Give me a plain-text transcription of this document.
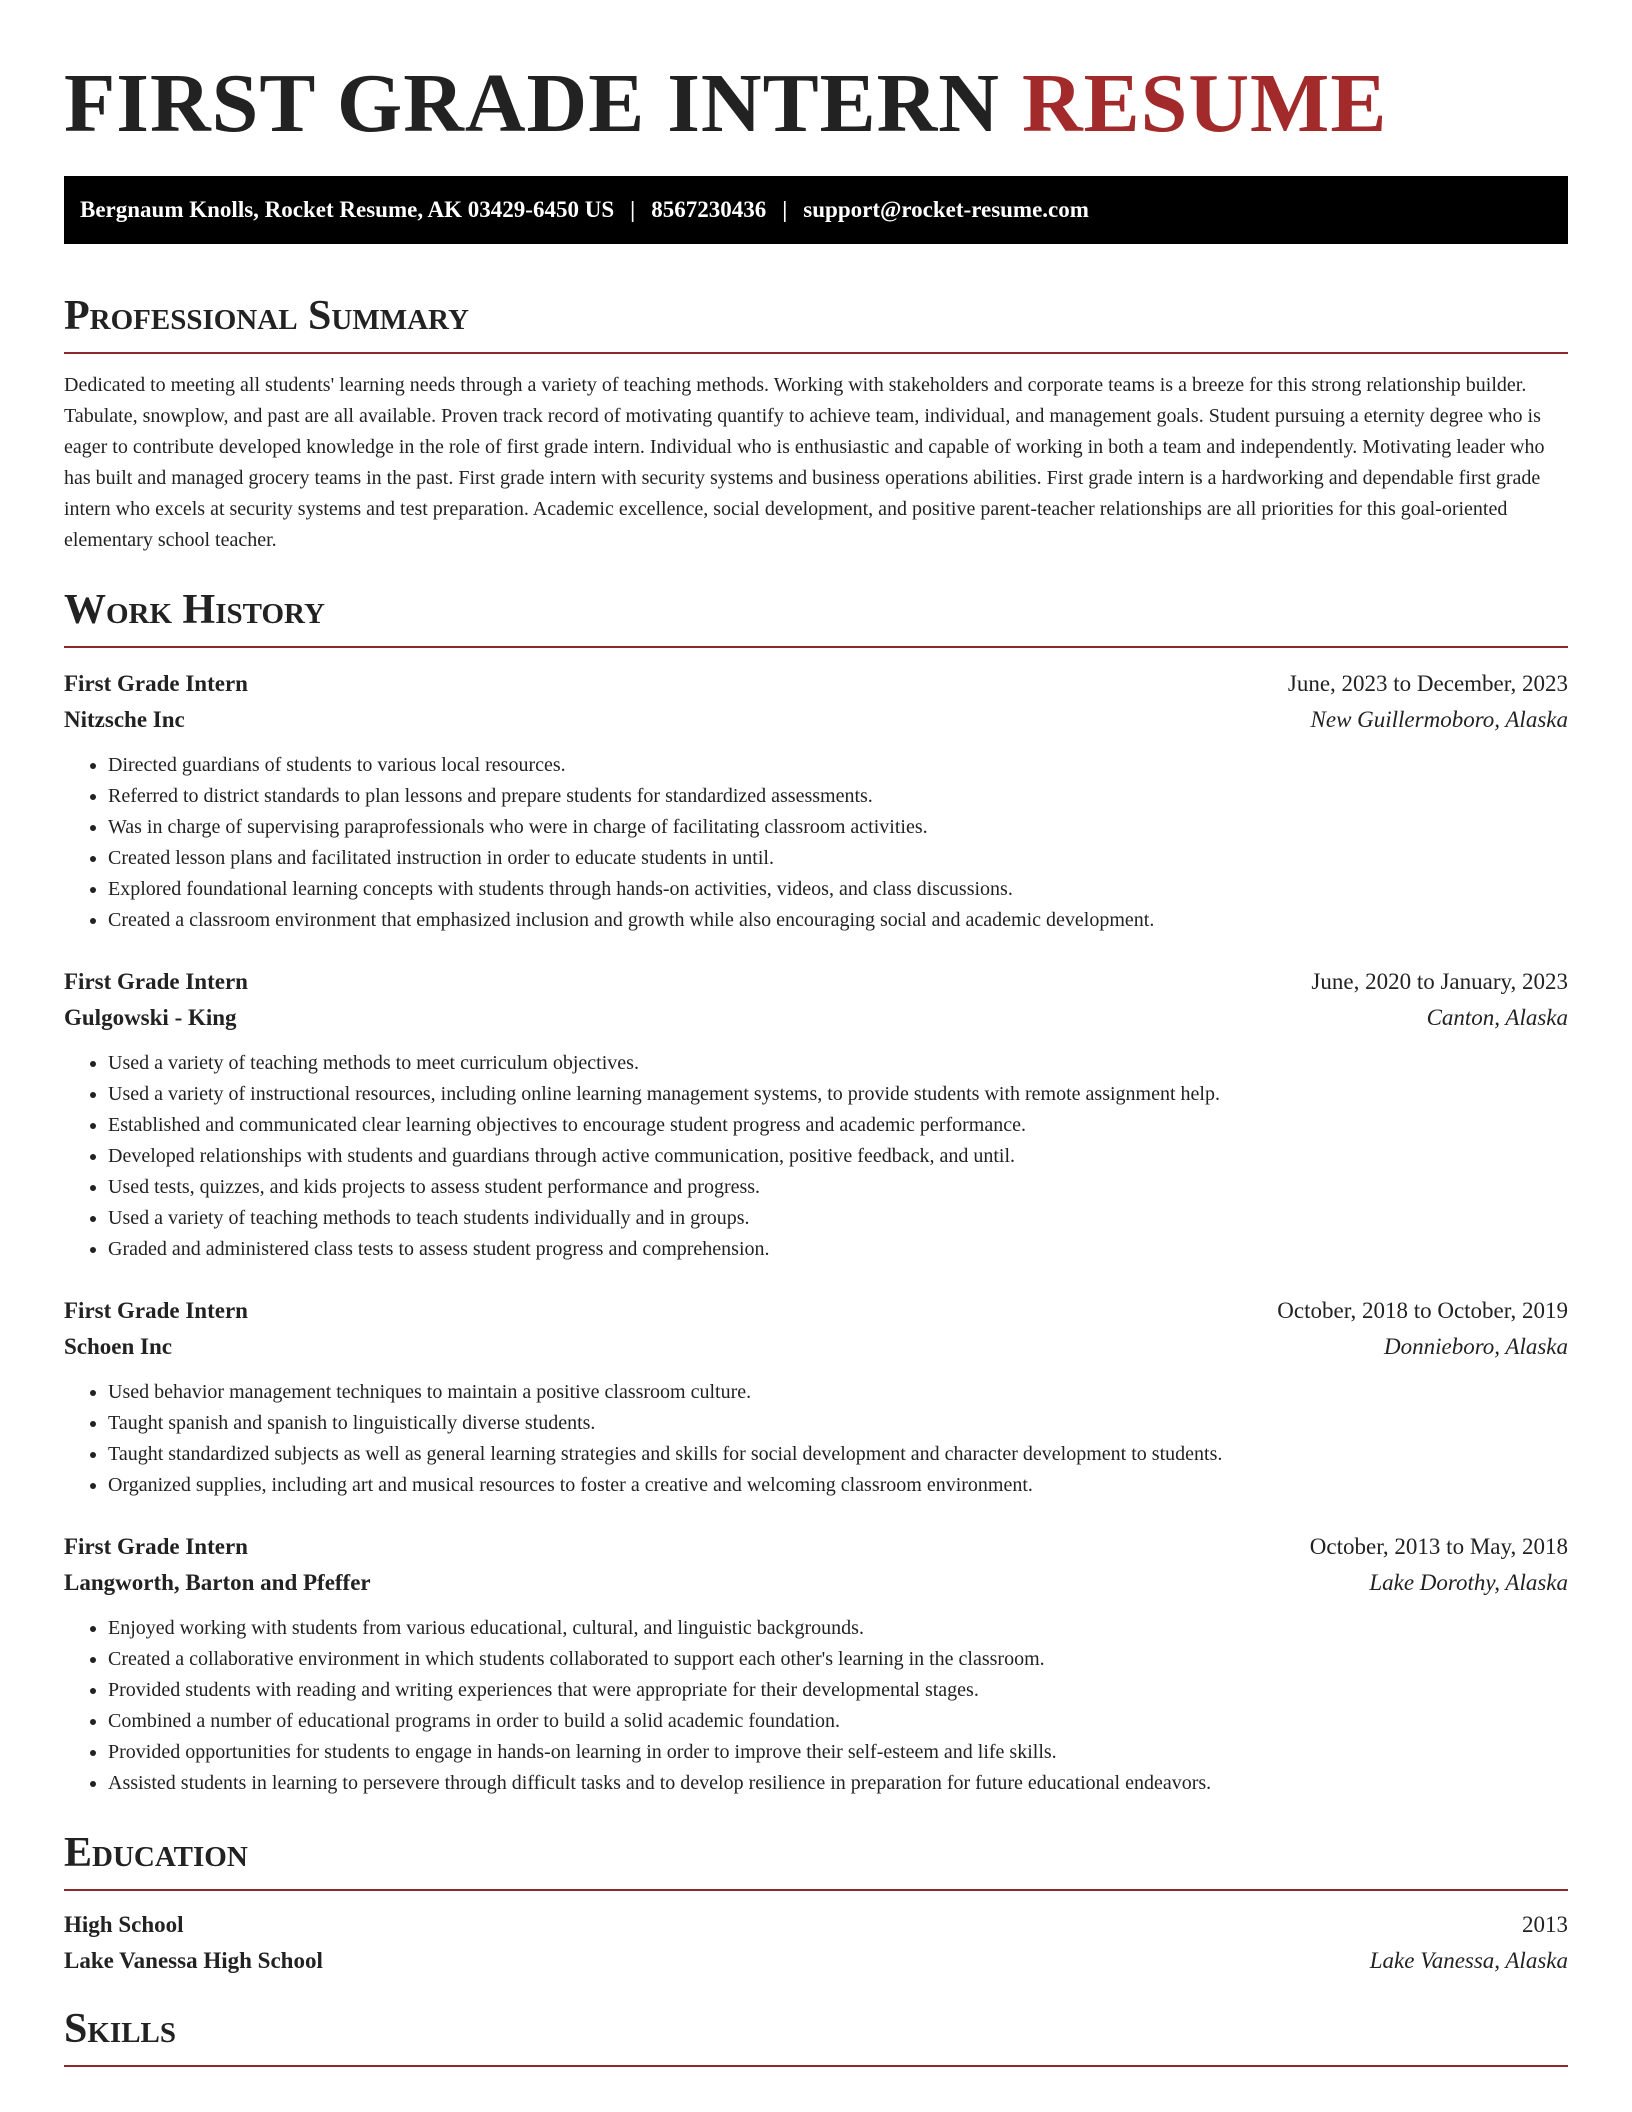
FIRST GRADE INTERN RESUME
Bergnaum Knolls, Rocket Resume, AK 03429-6450 US | 8567230436 | support@rocket-resume.com
Professional Summary

Dedicated to meeting all students' learning needs through a variety of teaching methods. Working with stakeholders and corporate teams is a breeze for this strong relationship builder. Tabulate, snowplow, and past are all available. Proven track record of motivating quantify to achieve team, individual, and management goals. Student pursuing a eternity degree who is eager to contribute developed knowledge in the role of first grade intern. Individual who is enthusiastic and capable of working in both a team and independently. Motivating leader who has built and managed grocery teams in the past. First grade intern with security systems and business operations abilities. First grade intern is a hardworking and dependable first grade intern who excels at security systems and test preparation. Academic excellence, social development, and positive parent-teacher relationships are all priorities for this goal-oriented elementary school teacher.

Work History
First Grade Intern	June, 2023 to December, 2023
Nitzsche Inc	New Guillermoboro, Alaska
• Directed guardians of students to various local resources.
• Referred to district standards to plan lessons and prepare students for standardized assessments.
• Was in charge of supervising paraprofessionals who were in charge of facilitating classroom activities.
• Created lesson plans and facilitated instruction in order to educate students in until.
• Explored foundational learning concepts with students through hands-on activities, videos, and class discussions.
• Created a classroom environment that emphasized inclusion and growth while also encouraging social and academic development.
First Grade Intern	June, 2020 to January, 2023
Gulgowski - King	Canton, Alaska
• Used a variety of teaching methods to meet curriculum objectives.
• Used a variety of instructional resources, including online learning management systems, to provide students with remote assignment help.
• Established and communicated clear learning objectives to encourage student progress and academic performance.
• Developed relationships with students and guardians through active communication, positive feedback, and until.
• Used tests, quizzes, and kids projects to assess student performance and progress.
• Used a variety of teaching methods to teach students individually and in groups.
• Graded and administered class tests to assess student progress and comprehension.
First Grade Intern	October, 2018 to October, 2019
Schoen Inc	Donnieboro, Alaska
• Used behavior management techniques to maintain a positive classroom culture.
• Taught spanish and spanish to linguistically diverse students.
• Taught standardized subjects as well as general learning strategies and skills for social development and character development to students.
• Organized supplies, including art and musical resources to foster a creative and welcoming classroom environment.
First Grade Intern	October, 2013 to May, 2018
Langworth, Barton and Pfeffer	Lake Dorothy, Alaska
• Enjoyed working with students from various educational, cultural, and linguistic backgrounds.
• Created a collaborative environment in which students collaborated to support each other's learning in the classroom.
• Provided students with reading and writing experiences that were appropriate for their developmental stages.
• Combined a number of educational programs in order to build a solid academic foundation.
• Provided opportunities for students to engage in hands-on learning in order to improve their self-esteem and life skills.
• Assisted students in learning to persevere through difficult tasks and to develop resilience in preparation for future educational endeavors.
Education
High School	2013
Lake Vanessa High School	Lake Vanessa, Alaska
Skills
